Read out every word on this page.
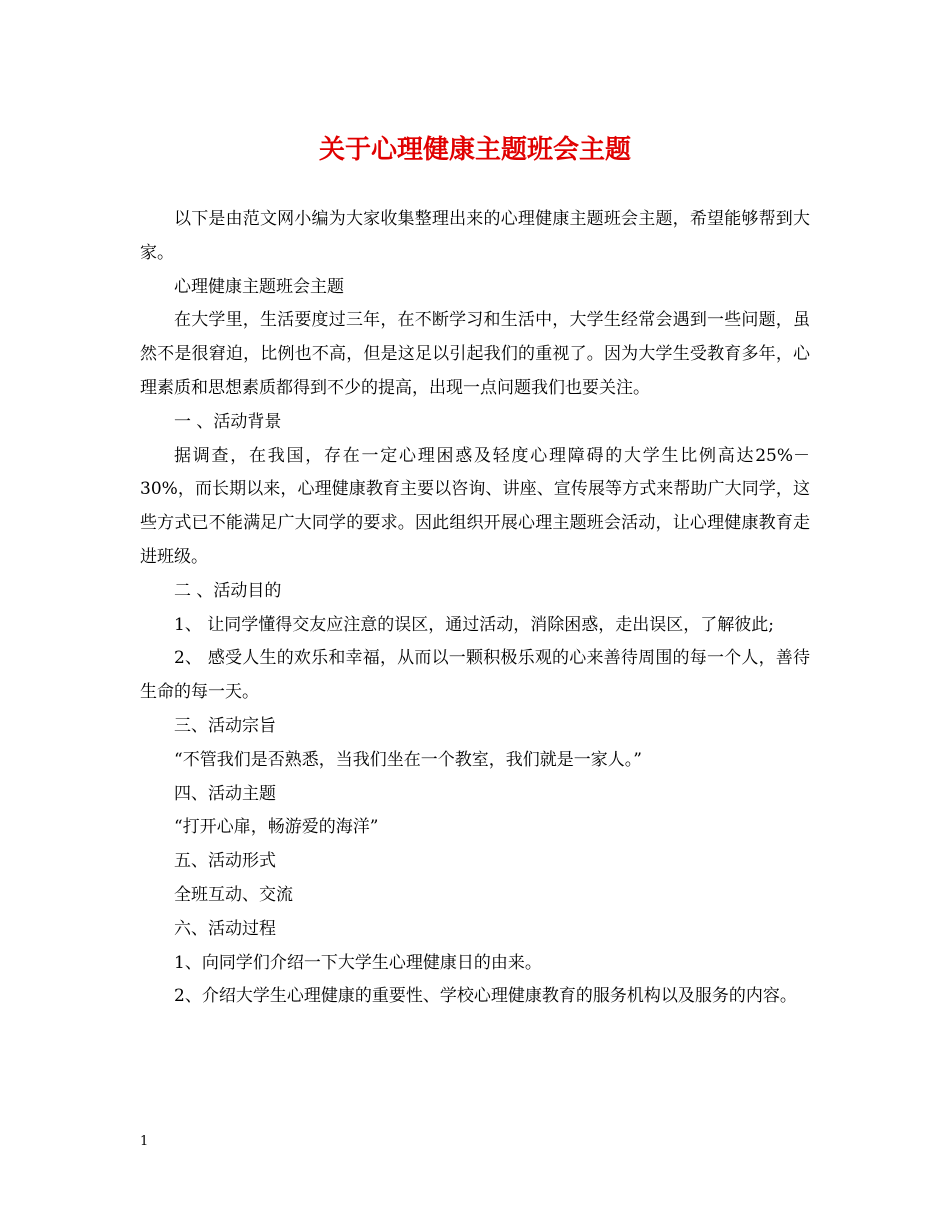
关于心理健康主题班会主题

以下是由范文网小编为大家收集整理出来的心理健康主题班会主题，希望能够帮到大家。

心理健康主题班会主题

在大学里，生活要度过三年，在不断学习和生活中，大学生经常会遇到一些问题，虽然不是很窘迫，比例也不高，但是这足以引起我们的重视了。因为大学生受教育多年，心理素质和思想素质都得到不少的提高，出现一点问题我们也要关注。

一 、活动背景

据调查，在我国，存在一定心理困惑及轻度心理障碍的大学生比例高达25%－30%，而长期以来，心理健康教育主要以咨询、讲座、宣传展等方式来帮助广大同学，这些方式已不能满足广大同学的要求。因此组织开展心理主题班会活动，让心理健康教育走进班级。

二 、活动目的

1、 让同学懂得交友应注意的误区，通过活动，消除困惑，走出误区，了解彼此;

2、 感受人生的欢乐和幸福，从而以一颗积极乐观的心来善待周围的每一个人，善待生命的每一天。

三、活动宗旨

“不管我们是否熟悉，当我们坐在一个教室，我们就是一家人。”

四、活动主题

“打开心扉，畅游爱的海洋”

五、活动形式

全班互动、交流

六、活动过程

1、向同学们介绍一下大学生心理健康日的由来。

2、介绍大学生心理健康的重要性、学校心理健康教育的服务机构以及服务的内容。

1
